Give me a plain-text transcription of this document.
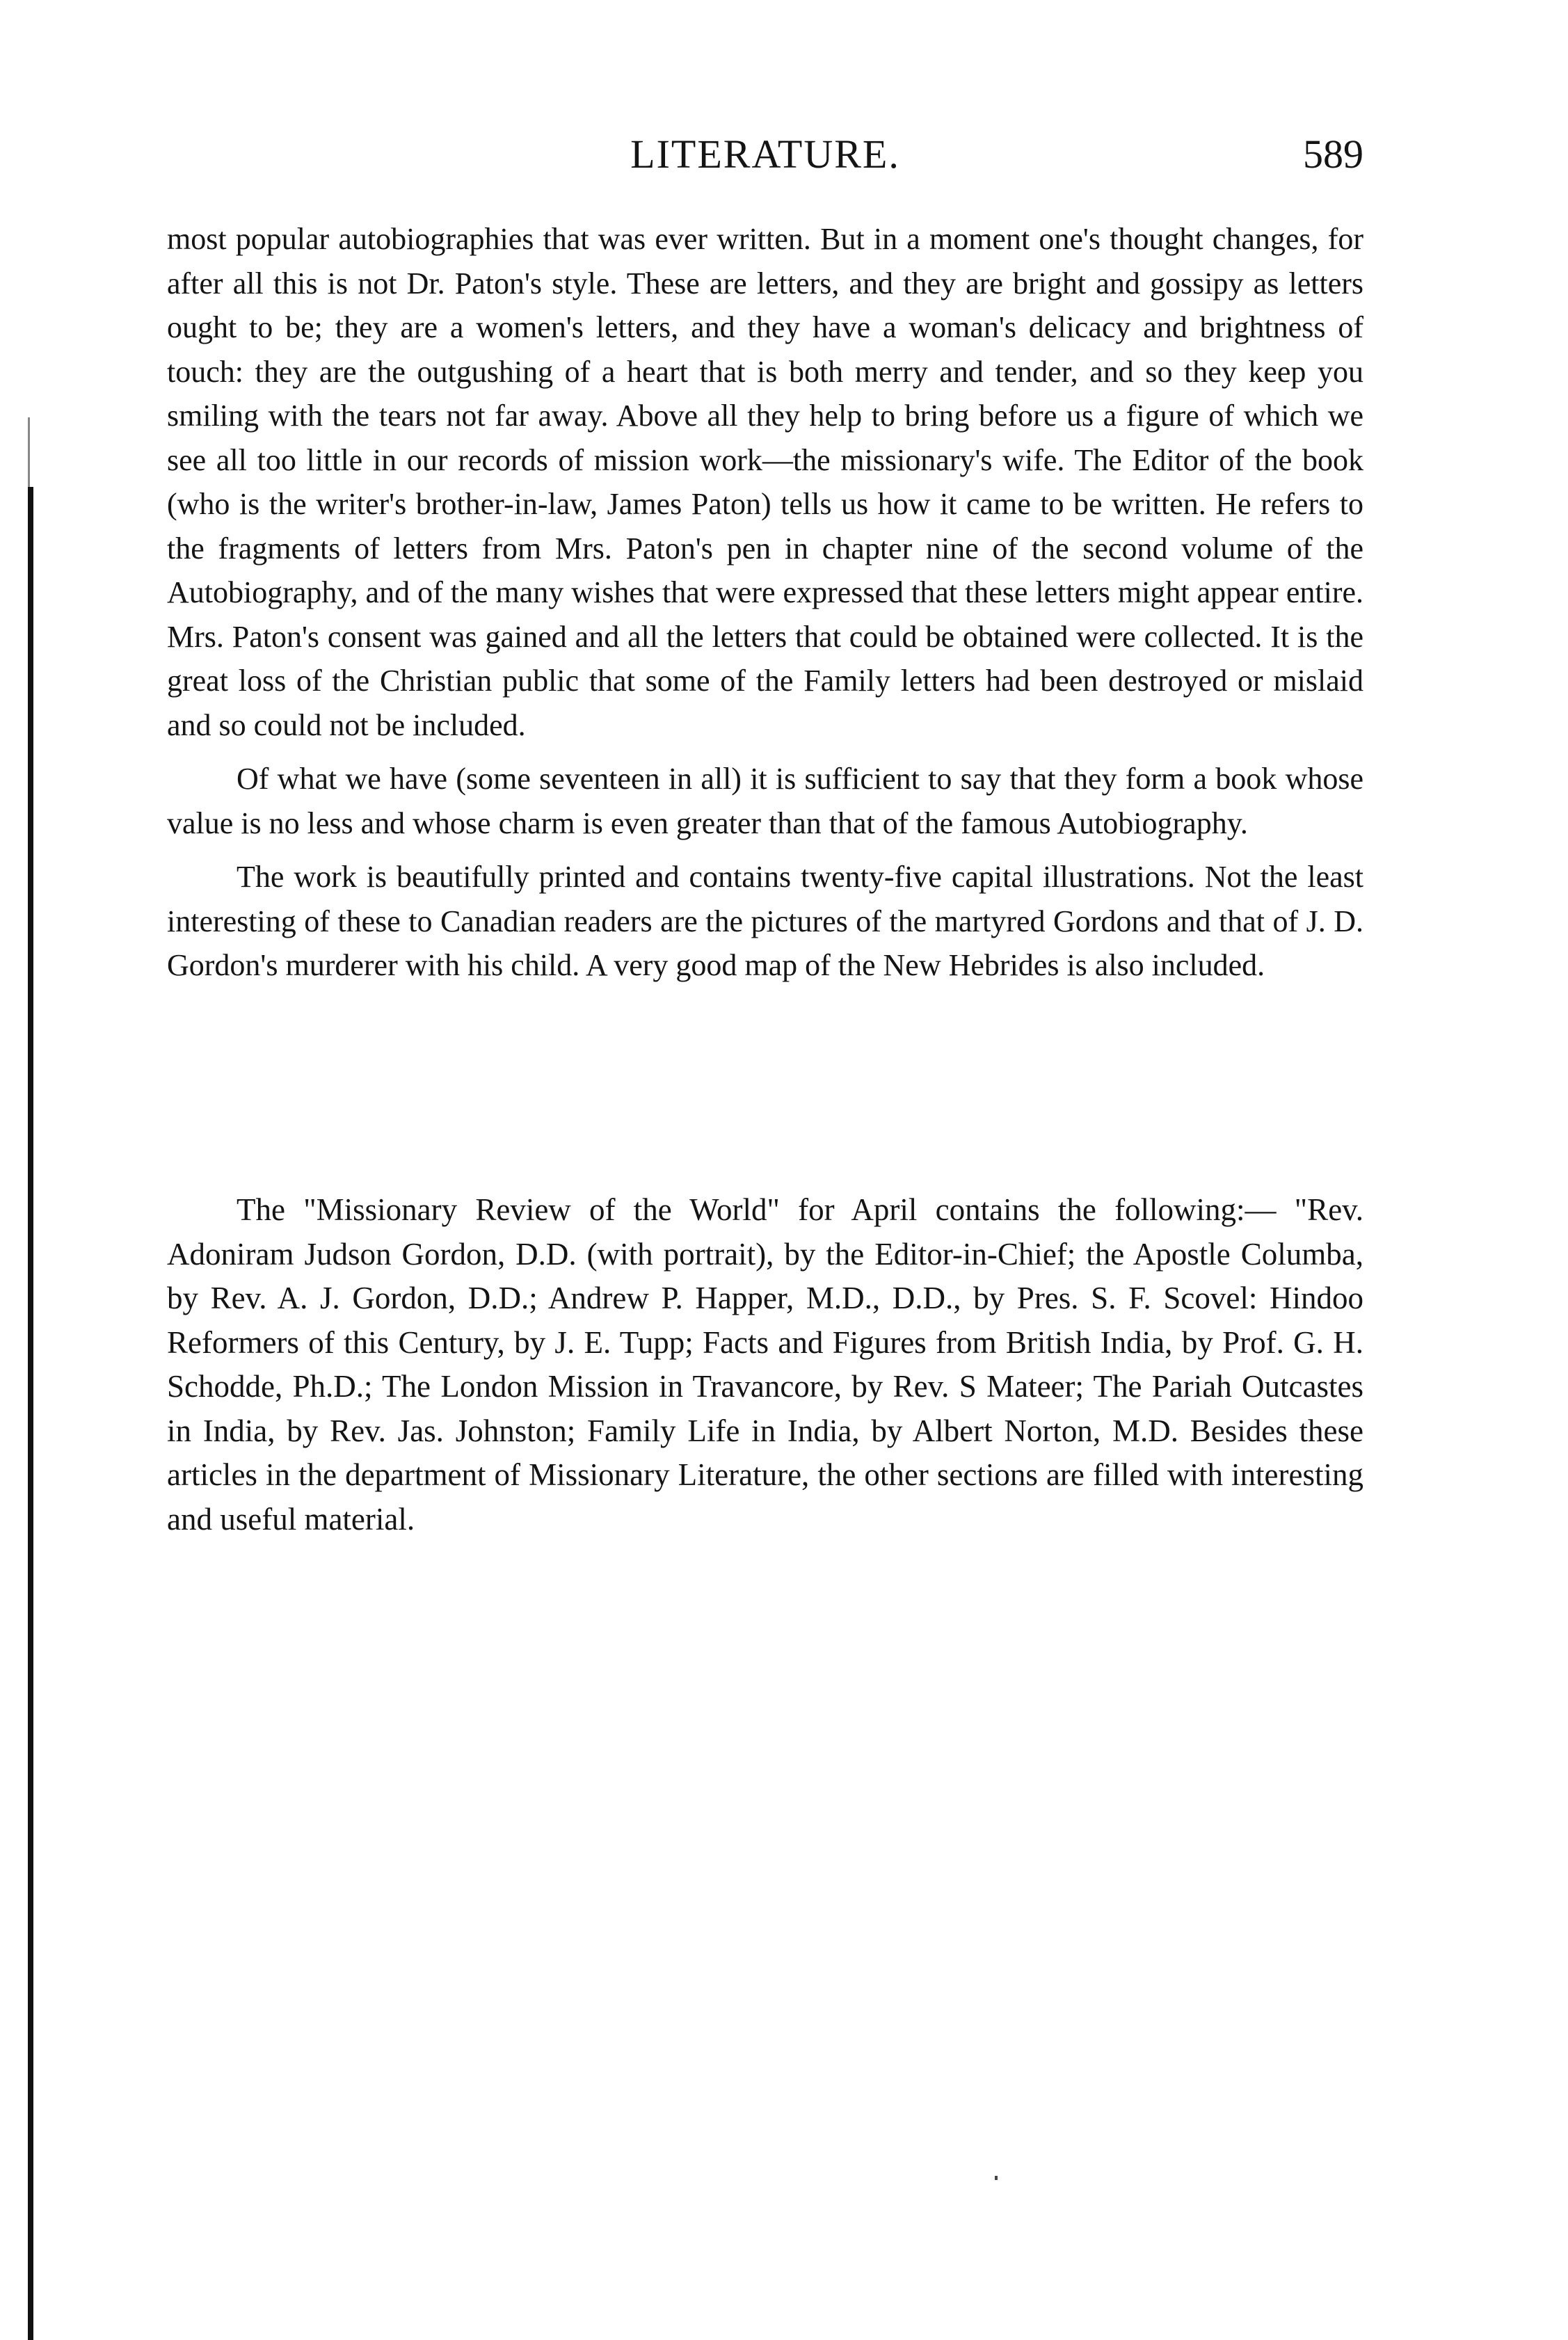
LITERATURE.	589

most popular autobiographies that was ever written. But in a moment one's thought changes, for after all this is not Dr. Paton's style. These are letters, and they are bright and gossipy as letters ought to be; they are a women's letters, and they have a woman's delicacy and brightness of touch: they are the outgushing of a heart that is both merry and tender, and so they keep you smiling with the tears not far away. Above all they help to bring before us a figure of which we see all too little in our records of mission work—the missionary's wife. The Editor of the book (who is the writer's brother-in-law, James Paton) tells us how it came to be written. He refers to the fragments of letters from Mrs. Paton's pen in chapter nine of the second volume of the Autobiography, and of the many wishes that were expressed that these letters might appear entire. Mrs. Paton's consent was gained and all the letters that could be obtained were collected. It is the great loss of the Christian public that some of the Family letters had been destroyed or mislaid and so could not be included.

Of what we have (some seventeen in all) it is sufficient to say that they form a book whose value is no less and whose charm is even greater than that of the famous Autobiography.

The work is beautifully printed and contains twenty-five capital illustrations. Not the least interesting of these to Canadian readers are the pictures of the martyred Gordons and that of J. D. Gordon's murderer with his child. A very good map of the New Hebrides is also included.

The "Missionary Review of the World" for April contains the following:— "Rev. Adoniram Judson Gordon, D.D. (with portrait), by the Editor-in-Chief; the Apostle Columba, by Rev. A. J. Gordon, D.D.; Andrew P. Happer, M.D., D.D., by Pres. S. F. Scovel: Hindoo Reformers of this Century, by J. E. Tupp; Facts and Figures from British India, by Prof. G. H. Schodde, Ph.D.; The London Mission in Travancore, by Rev. S Mateer; The Pariah Outcastes in India, by Rev. Jas. Johnston; Family Life in India, by Albert Norton, M.D. Besides these articles in the department of Missionary Literature, the other sections are filled with interesting and useful material.
